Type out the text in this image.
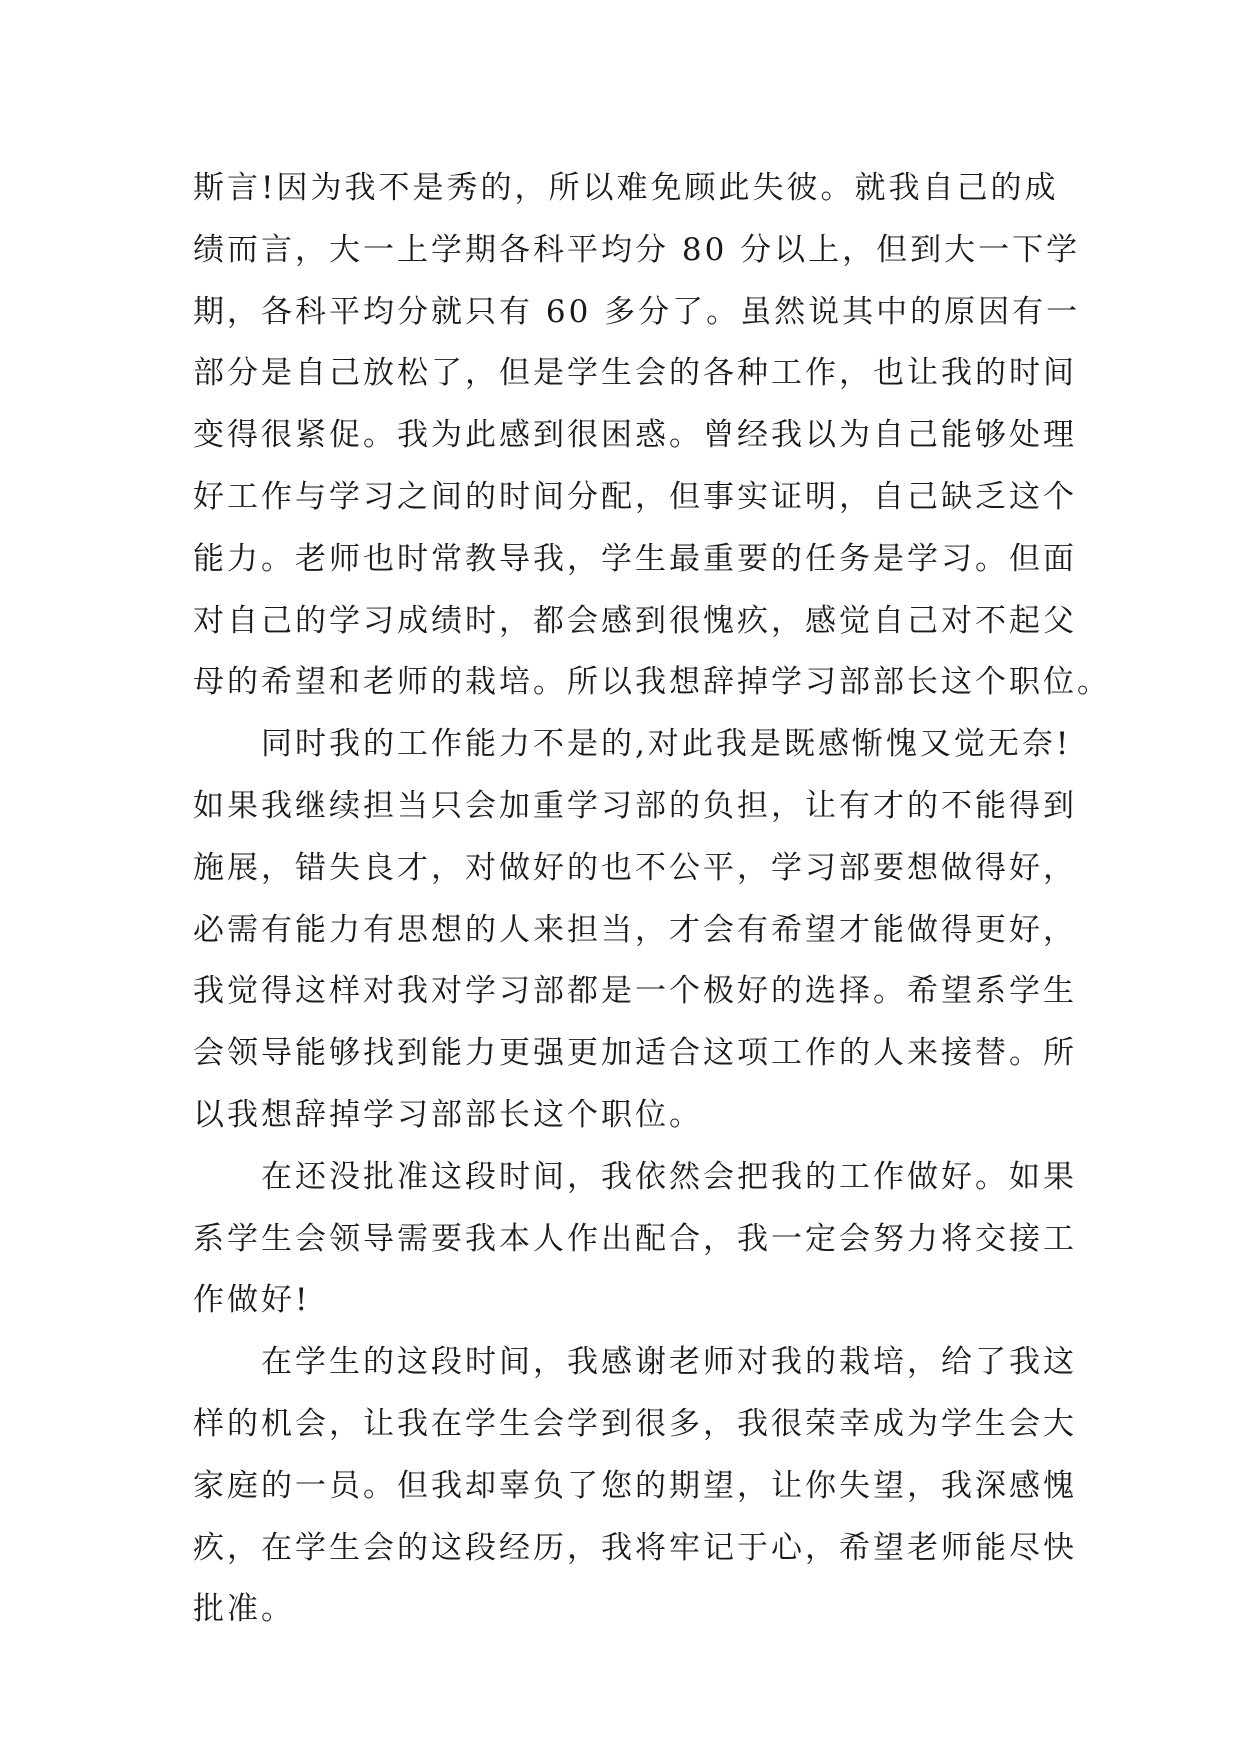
斯言!因为我不是秀的，所以难免顾此失彼。就我自己的成
绩而言，大一上学期各科平均分 80 分以上，但到大一下学
期，各科平均分就只有 60 多分了。虽然说其中的原因有一
部分是自己放松了，但是学生会的各种工作，也让我的时间
变得很紧促。我为此感到很困惑。曾经我以为自己能够处理
好工作与学习之间的时间分配，但事实证明，自己缺乏这个
能力。老师也时常教导我，学生最重要的任务是学习。但面
对自己的学习成绩时，都会感到很愧疚，感觉自己对不起父
母的希望和老师的栽培。所以我想辞掉学习部部长这个职位。
同时我的工作能力不是的,对此我是既感惭愧又觉无奈!
如果我继续担当只会加重学习部的负担，让有才的不能得到
施展，错失良才，对做好的也不公平，学习部要想做得好，
必需有能力有思想的人来担当，才会有希望才能做得更好，
我觉得这样对我对学习部都是一个极好的选择。希望系学生
会领导能够找到能力更强更加适合这项工作的人来接替。所
以我想辞掉学习部部长这个职位。
在还没批准这段时间，我依然会把我的工作做好。如果
系学生会领导需要我本人作出配合，我一定会努力将交接工
作做好!
在学生的这段时间，我感谢老师对我的栽培，给了我这
样的机会，让我在学生会学到很多，我很荣幸成为学生会大
家庭的一员。但我却辜负了您的期望，让你失望，我深感愧
疚，在学生会的这段经历，我将牢记于心，希望老师能尽快
批准。
